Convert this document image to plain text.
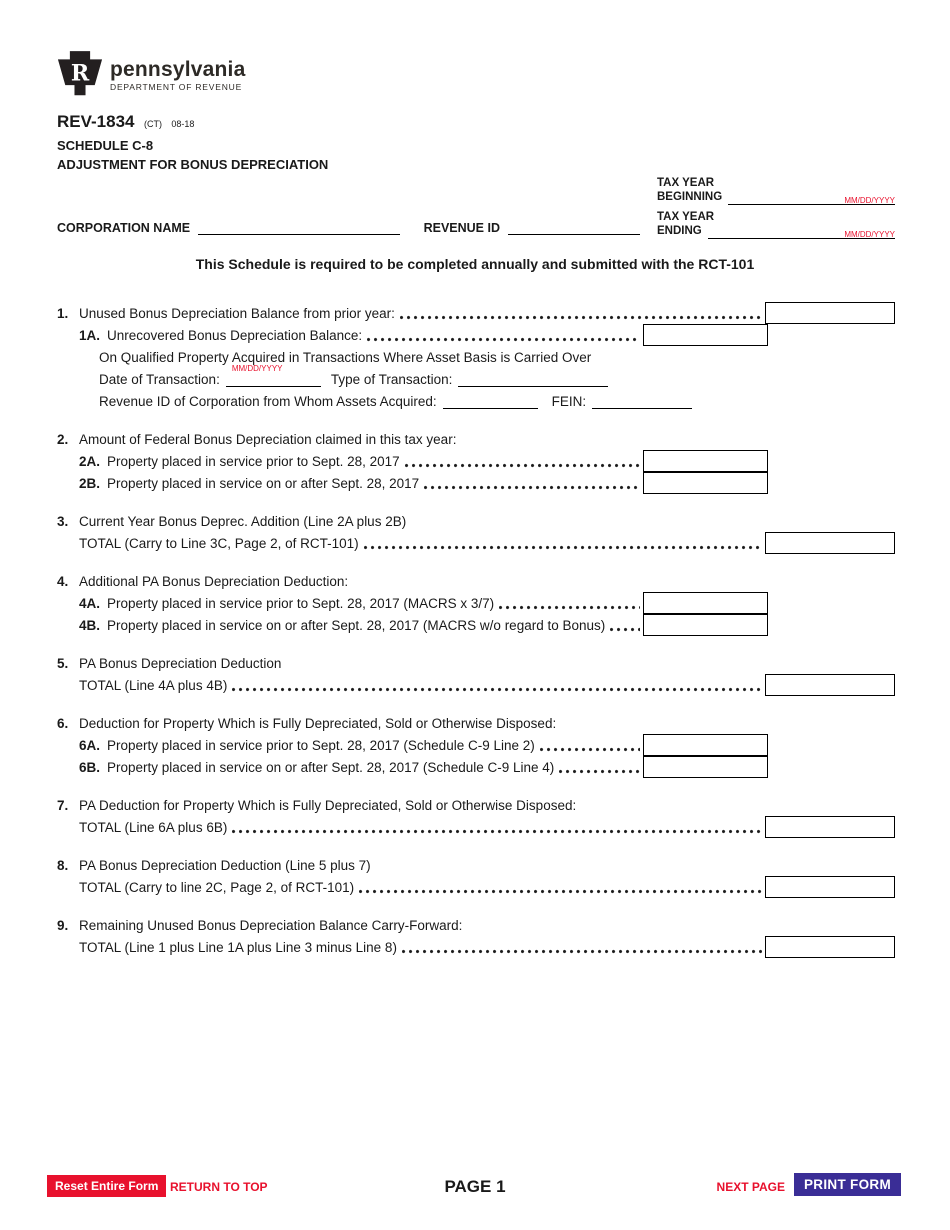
R pennsylvania
DEPARTMENT OF REVENUE
REV-1834 (CT) 08-18
SCHEDULE C-8
ADJUSTMENT FOR BONUS DEPRECIATION
TAX YEAR
BEGINNING	MM/DD/YYYY
TAX YEAR
ENDING	MM/DD/YYYY
CORPORATION NAME	REVENUE ID
This Schedule is required to be completed annually and submitted with the RCT-101
1. Unused Bonus Depreciation Balance from prior year:
1A. Unrecovered Bonus Depreciation Balance:
On Qualified Property Acquired in Transactions Where Asset Basis is Carried Over
Date of Transaction:
MM/DD/YYYY
Type of Transaction:
Revenue ID of Corporation from Whom Assets Acquired:	FEIN:
2. Amount of Federal Bonus Depreciation claimed in this tax year:
2A. Property placed in service prior to Sept. 28, 2017
2B. Property placed in service on or after Sept. 28, 2017
3. Current Year Bonus Deprec. Addition (Line 2A plus 2B)
TOTAL (Carry to Line 3C, Page 2, of RCT-101)
4. Additional PA Bonus Depreciation Deduction:
4A. Property placed in service prior to Sept. 28, 2017 (MACRS x 3/7)
4B. Property placed in service on or after Sept. 28, 2017 (MACRS w/o regard to Bonus)
5. PA Bonus Depreciation Deduction
TOTAL (Line 4A plus 4B)
6. Deduction for Property Which is Fully Depreciated, Sold or Otherwise Disposed:
6A. Property placed in service prior to Sept. 28, 2017 (Schedule C-9 Line 2)
6B. Property placed in service on or after Sept. 28, 2017 (Schedule C-9 Line 4)
7. PA Deduction for Property Which is Fully Depreciated, Sold or Otherwise Disposed:
TOTAL (Line 6A plus 6B)
8. PA Bonus Depreciation Deduction (Line 5 plus 7)
TOTAL (Carry to line 2C, Page 2, of RCT-101)
9. Remaining Unused Bonus Depreciation Balance Carry-Forward:
TOTAL (Line 1 plus Line 1A plus Line 3 minus Line 8)
Reset Entire Form RETURN TO TOP	PAGE 1	NEXT PAGE	PRINT FORM
